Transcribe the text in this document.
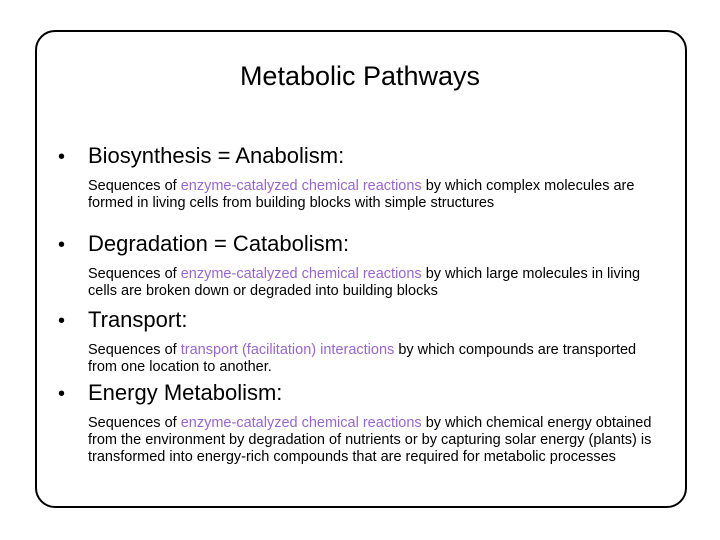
Metabolic Pathways
•	Biosynthesis = Anabolism:

Sequences of enzyme-catalyzed chemical reactions by which complex molecules are formed in living cells from building blocks with simple structures

•	Degradation = Catabolism:

Sequences of enzyme-catalyzed chemical reactions by which large molecules in living cells are broken down or degraded into building blocks

•	Transport:

Sequences of transport (facilitation) interactions by which compounds are transported from one location to another.

•	Energy Metabolism:

Sequences of enzyme-catalyzed chemical reactions by which chemical energy obtained from the environment by degradation of nutrients or by capturing solar energy (plants) is transformed into energy-rich compounds that are required for metabolic processes
